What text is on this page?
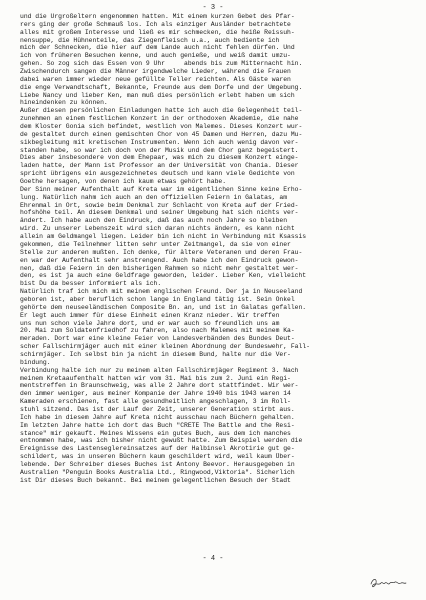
- 3 -
und die Urgroßeltern engenommen hatten. Mit einem kurzen Gebet des Pfar-
rers ging der große Schmauß los. Ich als einziger Ausländer betrachtete
alles mit großem Interesse und ließ es mir schmecken, die heiße Reissuh-
nensuppe, die Hühnenteile, das Ziegenfleisch u.a., auch bediente ich
mich der Schnecken, die hier auf dem Lande auch nicht fehlen dürfen. Und
ich von früheren Besuchen kenne, und auch genieße, und weiß damit umzu-
gehen. So zog sich das Essen von 9 Uhr     abends bis zum Mitternacht hin.
Zwischendurch sangen die Männer irgendwelche Lieder, während die Frauen
dabei waren immer wieder neue gefüllte Teller reichten. Als Gäste waren
die enge Verwandtschaft, Bekannte, Freunde aus dem Dorfe und der Umgebung.
Liebe Nancy und lieber Ken, man muß dies persönlich erlebt haben um sich
hineindenken zu können.
Außer diesen persönlichen Einladungen hatte ich auch die Gelegenheit teil-
zunehmen an einem festlichen Konzert in der orthodoxen Akademie, die nahe
dem Kloster Gonia sich befindet, westlich von Malemes. Dieses Konzert wur-
de gestaltet durch einen gemischten Chor von 45 Damen und Herren, dazu Mu-
sikbegleitung mit kretischen Instrumenten. Wenn ich auch wenig davon ver-
standen habe, so war ich doch von der Musik und dem Chor ganz begeistert.
Dies aber insbesondere von dem Ehepaar, was mich zu diesem Konzert einge-
laden hatte, der Mann ist Professor an der Universität von Chania. Dieser
spricht übrigens ein ausgezeichnetes deutsch und kann viele Gedichte von
Goethe hersagen, von denen ich kaum etwas gehört habe.
Der Sinn meiner Aufenthalt auf Kreta war im eigentlichen Sinne keine Erho-
lung. Natürlich nahm ich auch an den offiziellen Feiern in Galatas, am
Ehrenmal in Ort, sowie beim Denkmal zur Schlacht von Kreta auf der Fried-
hofshöhe teil. An diesem Denkmal und seiner Umgebung hat sich nichts ver-
ändert. Ich habe auch den Eindruck, daß das auch noch Jahre so bleiben
wird. Zu unserer Lebenszeit wird sich daran nichts ändern, es kann nicht
allein am Geldmangel liegen. Leider bin ich nicht in Verbindung mit Ksassis
gekommen, die Teilnehmer litten sehr unter Zeitmangel, da sie von einer
Stelle zur anderen mußten. Ich denke, für ältere Veteranen und deren Frau-
en war der Aufenthalt sehr anstrengend. Auch habe ich den Eindruck gewon-
nen, daß die Feiern in den bisherigen Rahmen so nicht mehr gestaltet wer-
den, es ist ja auch eine Geldfrage geworden, leider. Lieber Ken, vielleicht
bist Du da besser informiert als ich.
Natürlich traf ich mich mit meinem englischen Freund. Der ja in Neuseeland
geboren ist, aber beruflich schon lange in England tätig ist. Sein Onkel
gehörte dem neuseeländischen Composite Bn. an, und ist in Galatas gefallen.
Er legt auch immer für diese Einheit einen Kranz nieder. Wir treffen
uns nun schon viele Jahre dort, und er war auch so freundlich uns am
20. Mai zum Soldatenfriedhof zu fahren, also nach Malemes mit meinem Ka-
meraden. Dort war eine kleine Feier von Landesverbänden des Bundes Deut-
scher Fallschirmjäger auch mit einer kleinen Abordnung der Bundeswehr, Fall-
schirmjäger. Ich selbst bin ja nicht in diesem Bund, halte nur die Ver-
bindung.
Verbindung halte ich nur zu meinem alten Fallschirmjäger Regiment 3. Nach
meinem Kretaaufenthalt hatten wir vom 31. Mai bis zum 2. Juni ein Regi-
mentstreffen in Braunschweig, was alle 2 Jahre dort stattfindet. Wir wer-
den immer weniger, aus meiner Kompanie der Jahre 1940 bis 1943 waren 14
Kameraden erschienen, fast alle gesundheitlich angeschlagen, 3 im Roll-
stuhl sitzend. Das ist der Lauf der Zeit, unserer Generation stirbt aus.
Ich habe in diesem Jahre auf Kreta nicht ausschau nach Büchern gehalten.
Im letzten Jahre hatte ich dort das Buch "CRETE The Battle and the Resi-
stance" mir gekauft. Meines Wissens ein gutes Buch, aus dem ich manches
entnommen habe, was ich bisher nicht gewußt hatte. Zum Beispiel werden die
Ereignisse des Lastenseglereinsatzes auf der Halbinsel Akrotirie gut ge-
schildert, was in unseren Büchern kaum geschildert wird, weil kaum Über-
lebende. Der Schreiber dieses Buches ist Antony Beevor. Herausgegeben in
Australien "Penguin Books Australia Ltd., Ringwood,Viktoria". Sicherlich
ist Dir dieses Buch bekannt. Bei meinem gelegentlichen Besuch der Stadt
- 4 -
